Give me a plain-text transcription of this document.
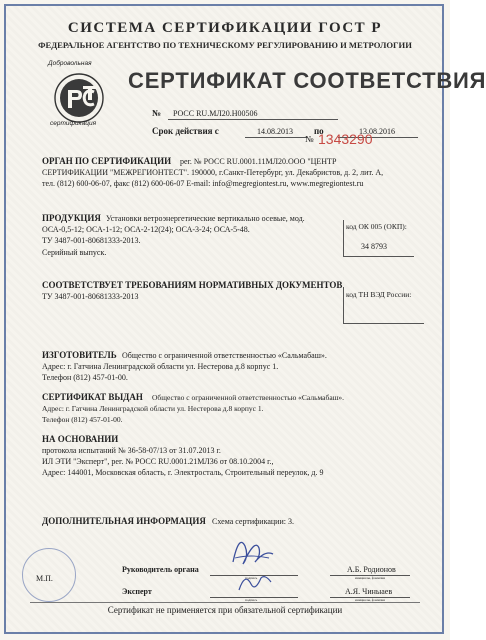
СИСТЕМА СЕРТИФИКАЦИИ ГОСТ Р
ФЕДЕРАЛЬНОЕ АГЕНТСТВО ПО ТЕХНИЧЕСКОМУ РЕГУЛИРОВАНИЮ И МЕТРОЛОГИИ
Добровольная
сертификация
СЕРТИФИКАТ СООТВЕТСТВИЯ
№ РОСС RU.МЛ20.Н00506
Срок действия с	14.08.2013 по	13.08.2016
№ 1343290
ОРГАН ПО СЕРТИФИКАЦИИ рег. № РОСС RU.0001.11МЛ20.ООО "ЦЕНТР
СЕРТИФИКАЦИИ "МЕЖРЕГИОНТЕСТ". 190000, г.Санкт-Петербург, ул. Декабристов, д. 2, лит. А,
тел. (812) 600-06-07, факс (812) 600-06-07 E-mail: info@megregiontest.ru, www.megregiontest.ru
ПРОДУКЦИЯ Установки ветроэнергетические вертикально осевые, мод.
ОСА-0,5-12; ОСА-1-12; ОСА-2-12(24); ОСА-3-24; ОСА-5-48.
ТУ 3487-001-80681333-2013.
Серийный выпуск.
код ОК 005 (ОКП):
34 8793
СООТВЕТСТВУЕТ ТРЕБОВАНИЯМ НОРМАТИВНЫХ ДОКУМЕНТОВ
ТУ 3487-001-80681333-2013	код ТН ВЭД России:
ИЗГОТОВИТЕЛЬ Общество с ограниченной ответственностью «Сальмабаш».
Адрес: г. Гатчина Ленинградской области ул. Нестерова д.8 корпус 1.
Телефон (812) 457-01-00.
СЕРТИФИКАТ ВЫДАН Общество с ограниченной ответственностью «Сальмабаш».
Адрес: г. Гатчина Ленинградской области ул. Нестерова д.8 корпус 1.
Телефон (812) 457-01-00.
НА ОСНОВАНИИ
протокола испытаний № 36-58-07/13 от 31.07.2013 г.
ИЛ ЭТИ "Эксперт", рег. № РОСС RU.0001.21МЛ36 от 08.10.2004 г.,
Адрес: 144001, Московская область, г. Электросталь, Строительный переулок, д. 9
ДОПОЛНИТЕЛЬНАЯ ИНФОРМАЦИЯ Схема сертификации: 3.
Руководитель органа
подпись
А.Б. Родионов
инициалы, фамилия
Эксперт
подпись
А.Я. Чиныаев
инициалы, фамилия
М.П.
Сертификат не применяется при обязательной сертификации
